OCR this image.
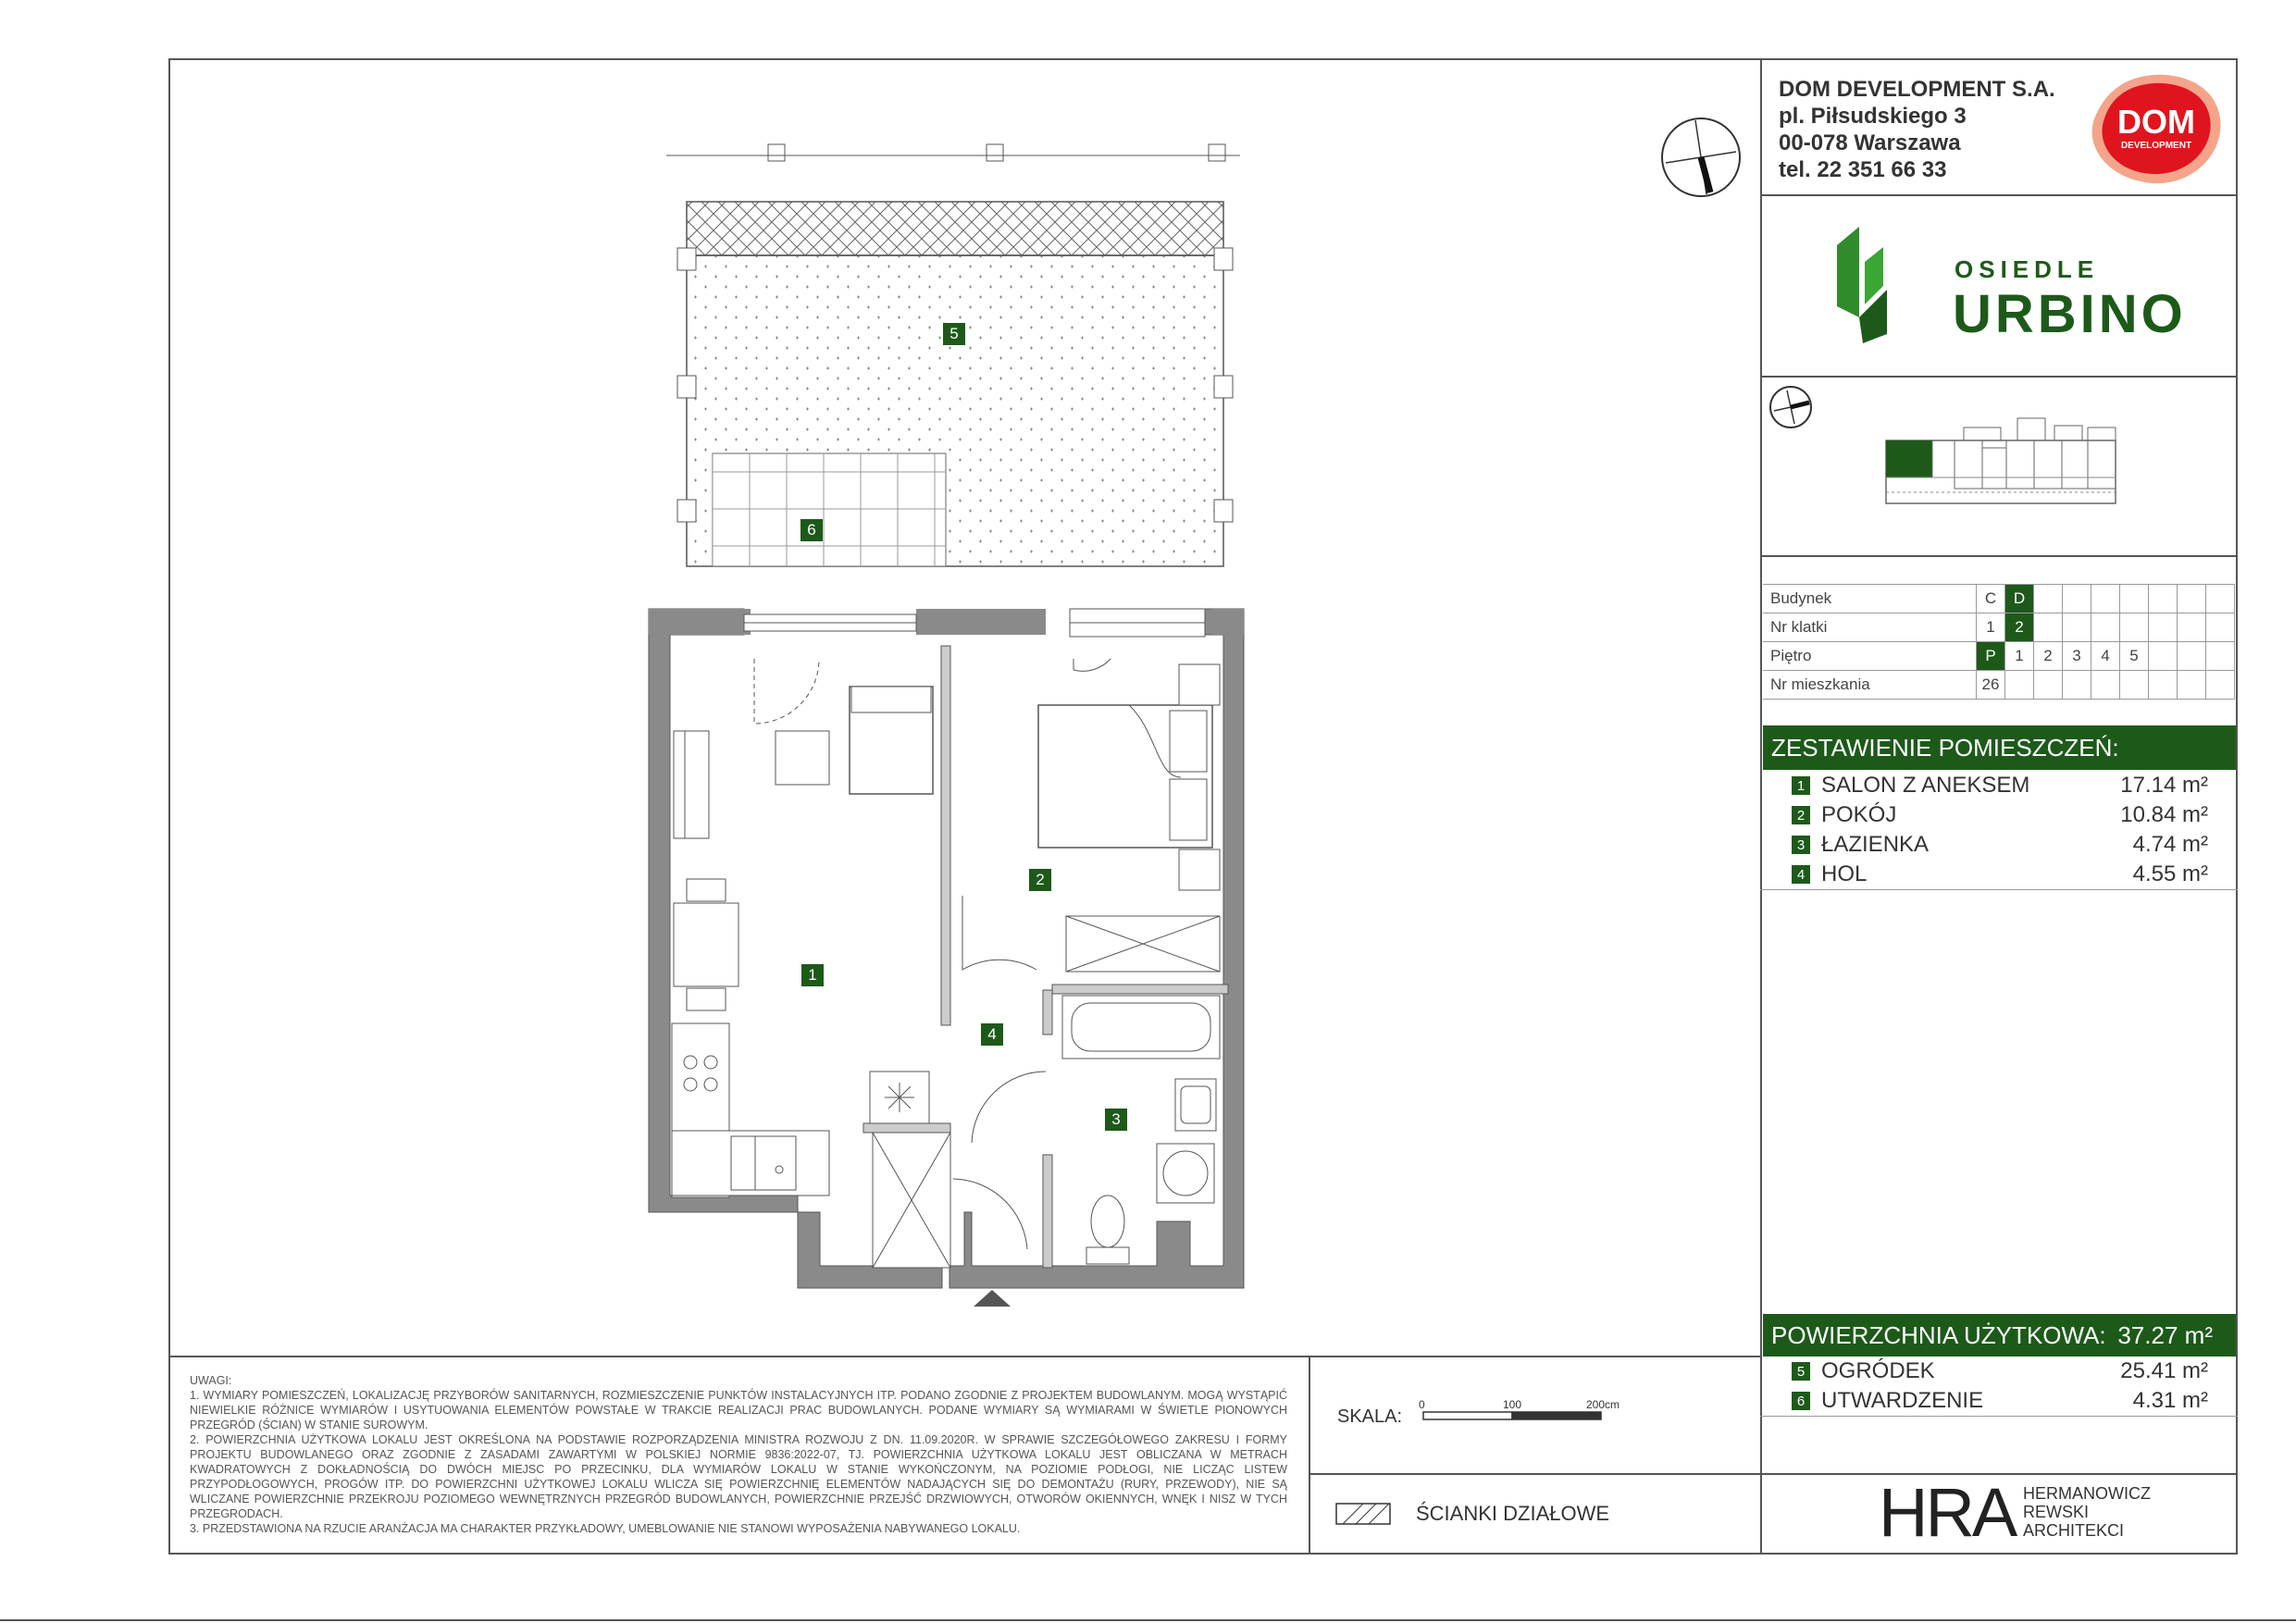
DOM DEVELOPMENT S.A.
pl. Piłsudskiego 3
00-078 Warszawa
tel. 22 351 66 33
DOM
DEVELOPMENT
OSIEDLE
URBINO
Budynek	C	D							
Nr klatki	1	2							
Piętro	P	1	2	3	4	5			
Nr mieszkania	26								
ZESTAWIENIE POMIESZCZEŃ:
1 SALON Z ANEKSEM	17.14 m²
2 POKÓJ	10.84 m²
3 ŁAZIENKA	4.74 m²
4 HOL	4.55 m²
POWIERZCHNIA UŻYTKOWA: 37.27 m²
5 OGRÓDEK	25.41 m²
6 UTWARDZENIE	4.31 m²

UWAGI:

1. WYMIARY POMIESZCZEŃ, LOKALIZACJĘ PRZYBORÓW SANITARNYCH, ROZMIESZCZENIE PUNKTÓW INSTALACYJNYCH ITP. PODANO ZGODNIE Z PROJEKTEM BUDOWLANYM. MOGĄ WYSTĄPIĆ NIEWIELKIE RÓŻNICE WYMIARÓW I USYTUOWANIA ELEMENTÓW POWSTAŁE W TRAKCIE REALIZACJI PRAC BUDOWLANYCH. PODANE WYMIARY SĄ WYMIARAMI W ŚWIETLE PIONOWYCH PRZEGRÓD (ŚCIAN) W STANIE SUROWYM.

2. POWIERZCHNIA UŻYTKOWA LOKALU JEST OKREŚLONA NA PODSTAWIE ROZPORZĄDZENIA MINISTRA ROZWOJU Z DN. 11.09.2020R. W SPRAWIE SZCZEGÓŁOWEGO ZAKRESU I FORMY PROJEKTU BUDOWLANEGO ORAZ ZGODNIE Z ZASADAMI ZAWARTYMI W POLSKIEJ NORMIE 9836:2022-07, TJ. POWIERZCHNIA UŻYTKOWA LOKALU JEST OBLICZANA W METRACH KWADRATOWYCH Z DOKŁADNOŚCIĄ DO DWÓCH MIEJSC PO PRZECINKU, DLA WYMIARÓW LOKALU W STANIE WYKOŃCZONYM, NA POZIOMIE PODŁOGI, NIE LICZĄC LISTEW PRZYPODŁOGOWYCH, PROGÓW ITP. DO POWIERZCHNI UŻYTKOWEJ LOKALU WLICZA SIĘ POWIERZCHNIĘ ELEMENTÓW NADAJĄCYCH SIĘ DO DEMONTAŻU (RURY, PRZEWODY), NIE SĄ WLICZANE POWIERZCHNIE PRZEKROJU POZIOMEGO WEWNĘTRZNYCH PRZEGRÓD BUDOWLANYCH, POWIERZCHNIE PRZEJŚĆ DRZWIOWYCH, OTWORÓW OKIENNYCH, WNĘK I NISZ W TYCH PRZEGRODACH.

3. PRZEDSTAWIONA NA RZUCIE ARANŻACJA MA CHARAKTER PRZYKŁADOWY, UMEBLOWANIE NIE STANOWI WYPOSAŻENIA NABYWANEGO LOKALU.

SKALA:
0	100	200cm
ŚCIANKI DZIAŁOWE	HRA HERMANOWICZ
REWSKI
ARCHITEKCI
1
2
3
4
5
6
